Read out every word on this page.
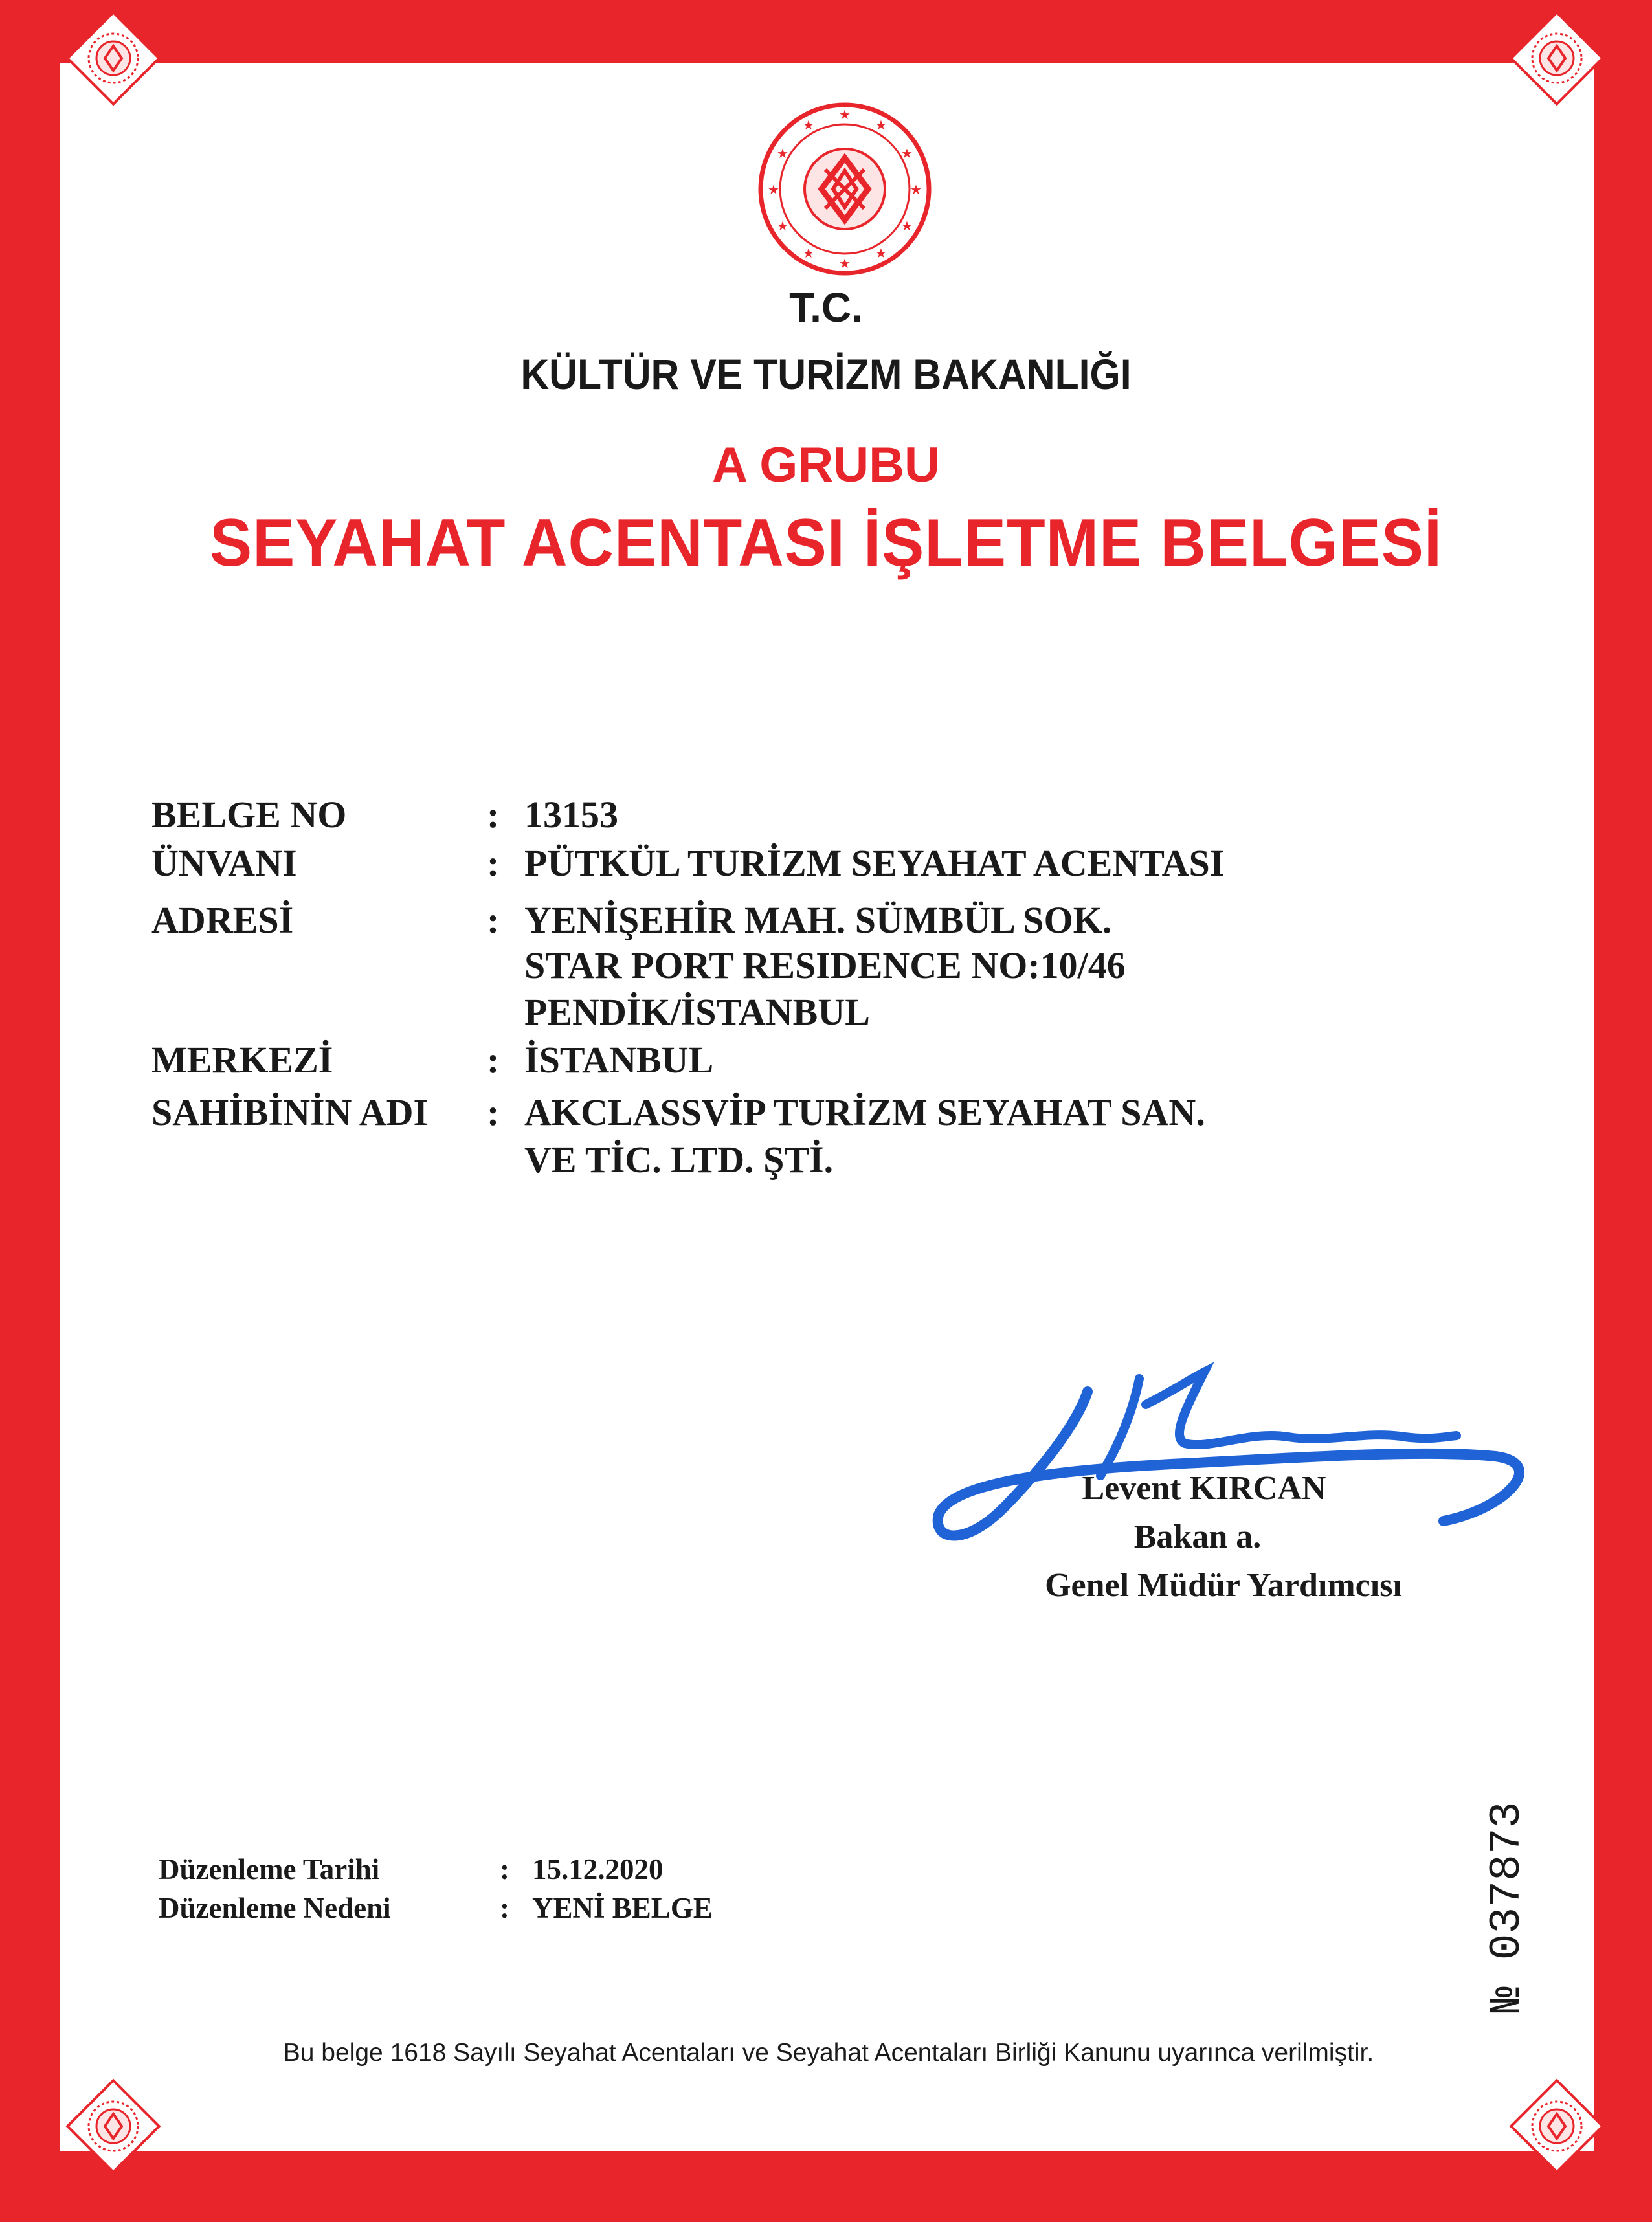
★
★
★
★
★
★
★
★
★
★
★
★
T.C.
KÜLTÜR VE TURİZM BAKANLIĞI
A GRUBU
SEYAHAT ACENTASI İŞLETME BELGESİ
BELGE NO	: 13153
ÜNVANI	: PÜTKÜL TURİZM SEYAHAT ACENTASI
ADRESİ	: YENİŞEHİR MAH. SÜMBÜL SOK.
STAR PORT RESIDENCE NO:10/46
PENDİK/İSTANBUL
MERKEZİ	: İSTANBUL
SAHİBİNİN ADI : AKCLASSVİP TURİZM SEYAHAT SAN.
VE TİC. LTD. ŞTİ.
Levent KIRCAN
Bakan a.
Genel Müdür Yardımcısı
Düzenleme Tarihi	: 15.12.2020
Düzenleme Nedeni	: YENİ BELGE
Bu belge 1618 Sayılı Seyahat Acentaları ve Seyahat Acentaları Birliği Kanunu uyarınca verilmiştir.
№ 037873
